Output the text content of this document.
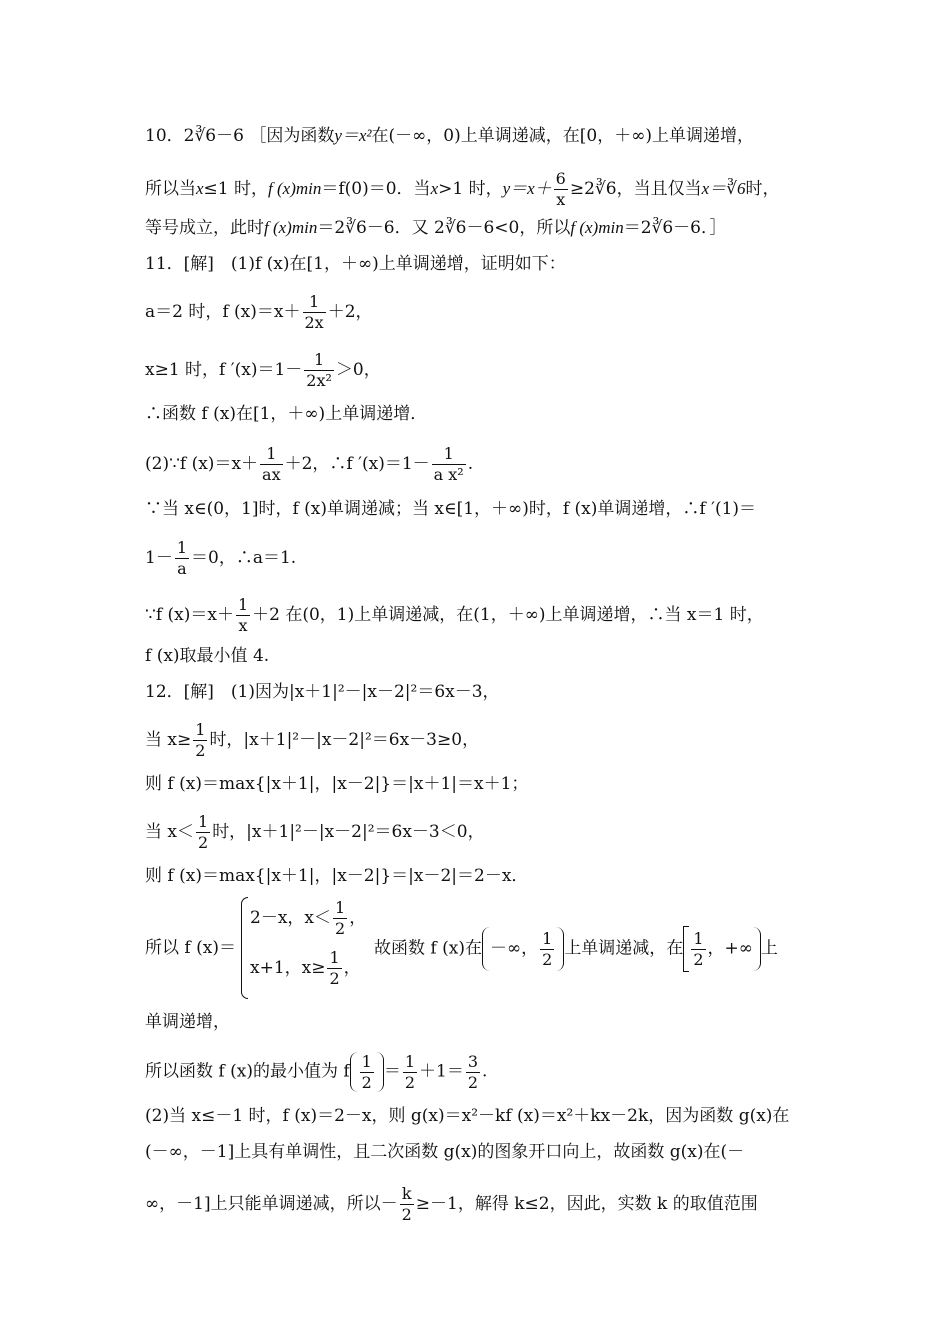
10．2∛6－6 ［因为函数y＝x²在(－∞，0)上单调递减，在[0，＋∞)上单调递增，
所以当x≤1 时，f (x)min＝f(0)＝0．当x>1 时，$y=x+ \frac{6}{x}$ ≥2∛6，当且仅当x＝∛6时，
等号成立，此时f (x)min＝2∛6－6．又 2∛6－6<0，所以f (x)min＝2∛6－6．］
11．[解]　(1)f (x)在[1，＋∞)上单调递增，证明如下：
a＝2 时，f $(x)=x+ \frac{1}{2x} +2$，
x≥1 时，f $'(x)=1- \frac{1}{\text{2x²}} >0$，
∴函数 f (x)在[1，＋∞)上单调递增．
(2)∵f $(x)=x+ \frac{1}{ax} +2$，∴f $'(x)=1- \frac{1}{\text{a x²}}$ .
∵当 x∈(0，1]时，f (x)单调递减；当 x∈[1，＋∞)时，f (x)单调递增，∴f ′(1)＝
$1- \frac{1}{a} =0$，∴a＝1.
∵f $(x)=x+ \frac{1}{x} +2$ 在(0，1)上单调递减，在(1，＋∞)上单调递增，∴当 x＝1 时，
f (x)取最小值 4.
12．[解]　(1)因为|x＋1|²－|x－2|²＝6x－3，
当 $x\ge \frac{1}{2}$ 时，|x＋1|²－|x－2|²＝6x－3≥0，
则 f (x)＝max{|x＋1|，|x－2|}＝|x＋1|＝x＋1；
当 $x< \frac{1}{2}$ 时，|x＋1|²－|x－2|²＝6x－3＜0，
则 f (x)＝max{|x＋1|，|x－2|}＝|x－2|＝2－x．
所以 f (x)＝
2－x，$x< \frac{1}{2}$ ，
x+1，$x\ge \frac{1}{2}$ ，
故函数 f (x)在 －∞， $\frac{1}{2}$ 上单调递减，在 $\frac{1}{2}$ ，+∞ 上
单调递增，
所以函数 f (x)的最小值为 f $\frac{1}{2} = \frac{1}{2} +1= \frac{3}{2}$ .
(2)当 x≤－1 时，f (x)＝2－x，则 g(x)＝x²－kf (x)＝x²＋kx－2k，因为函数 g(x)在
(－∞，－1]上具有单调性，且二次函数 g(x)的图象开口向上，故函数 g(x)在(－
∞，－1]上只能单调递减，所以－ $\frac{k}{2} \ge-1$，解得 k≤2，因此，实数 k 的取值范围
